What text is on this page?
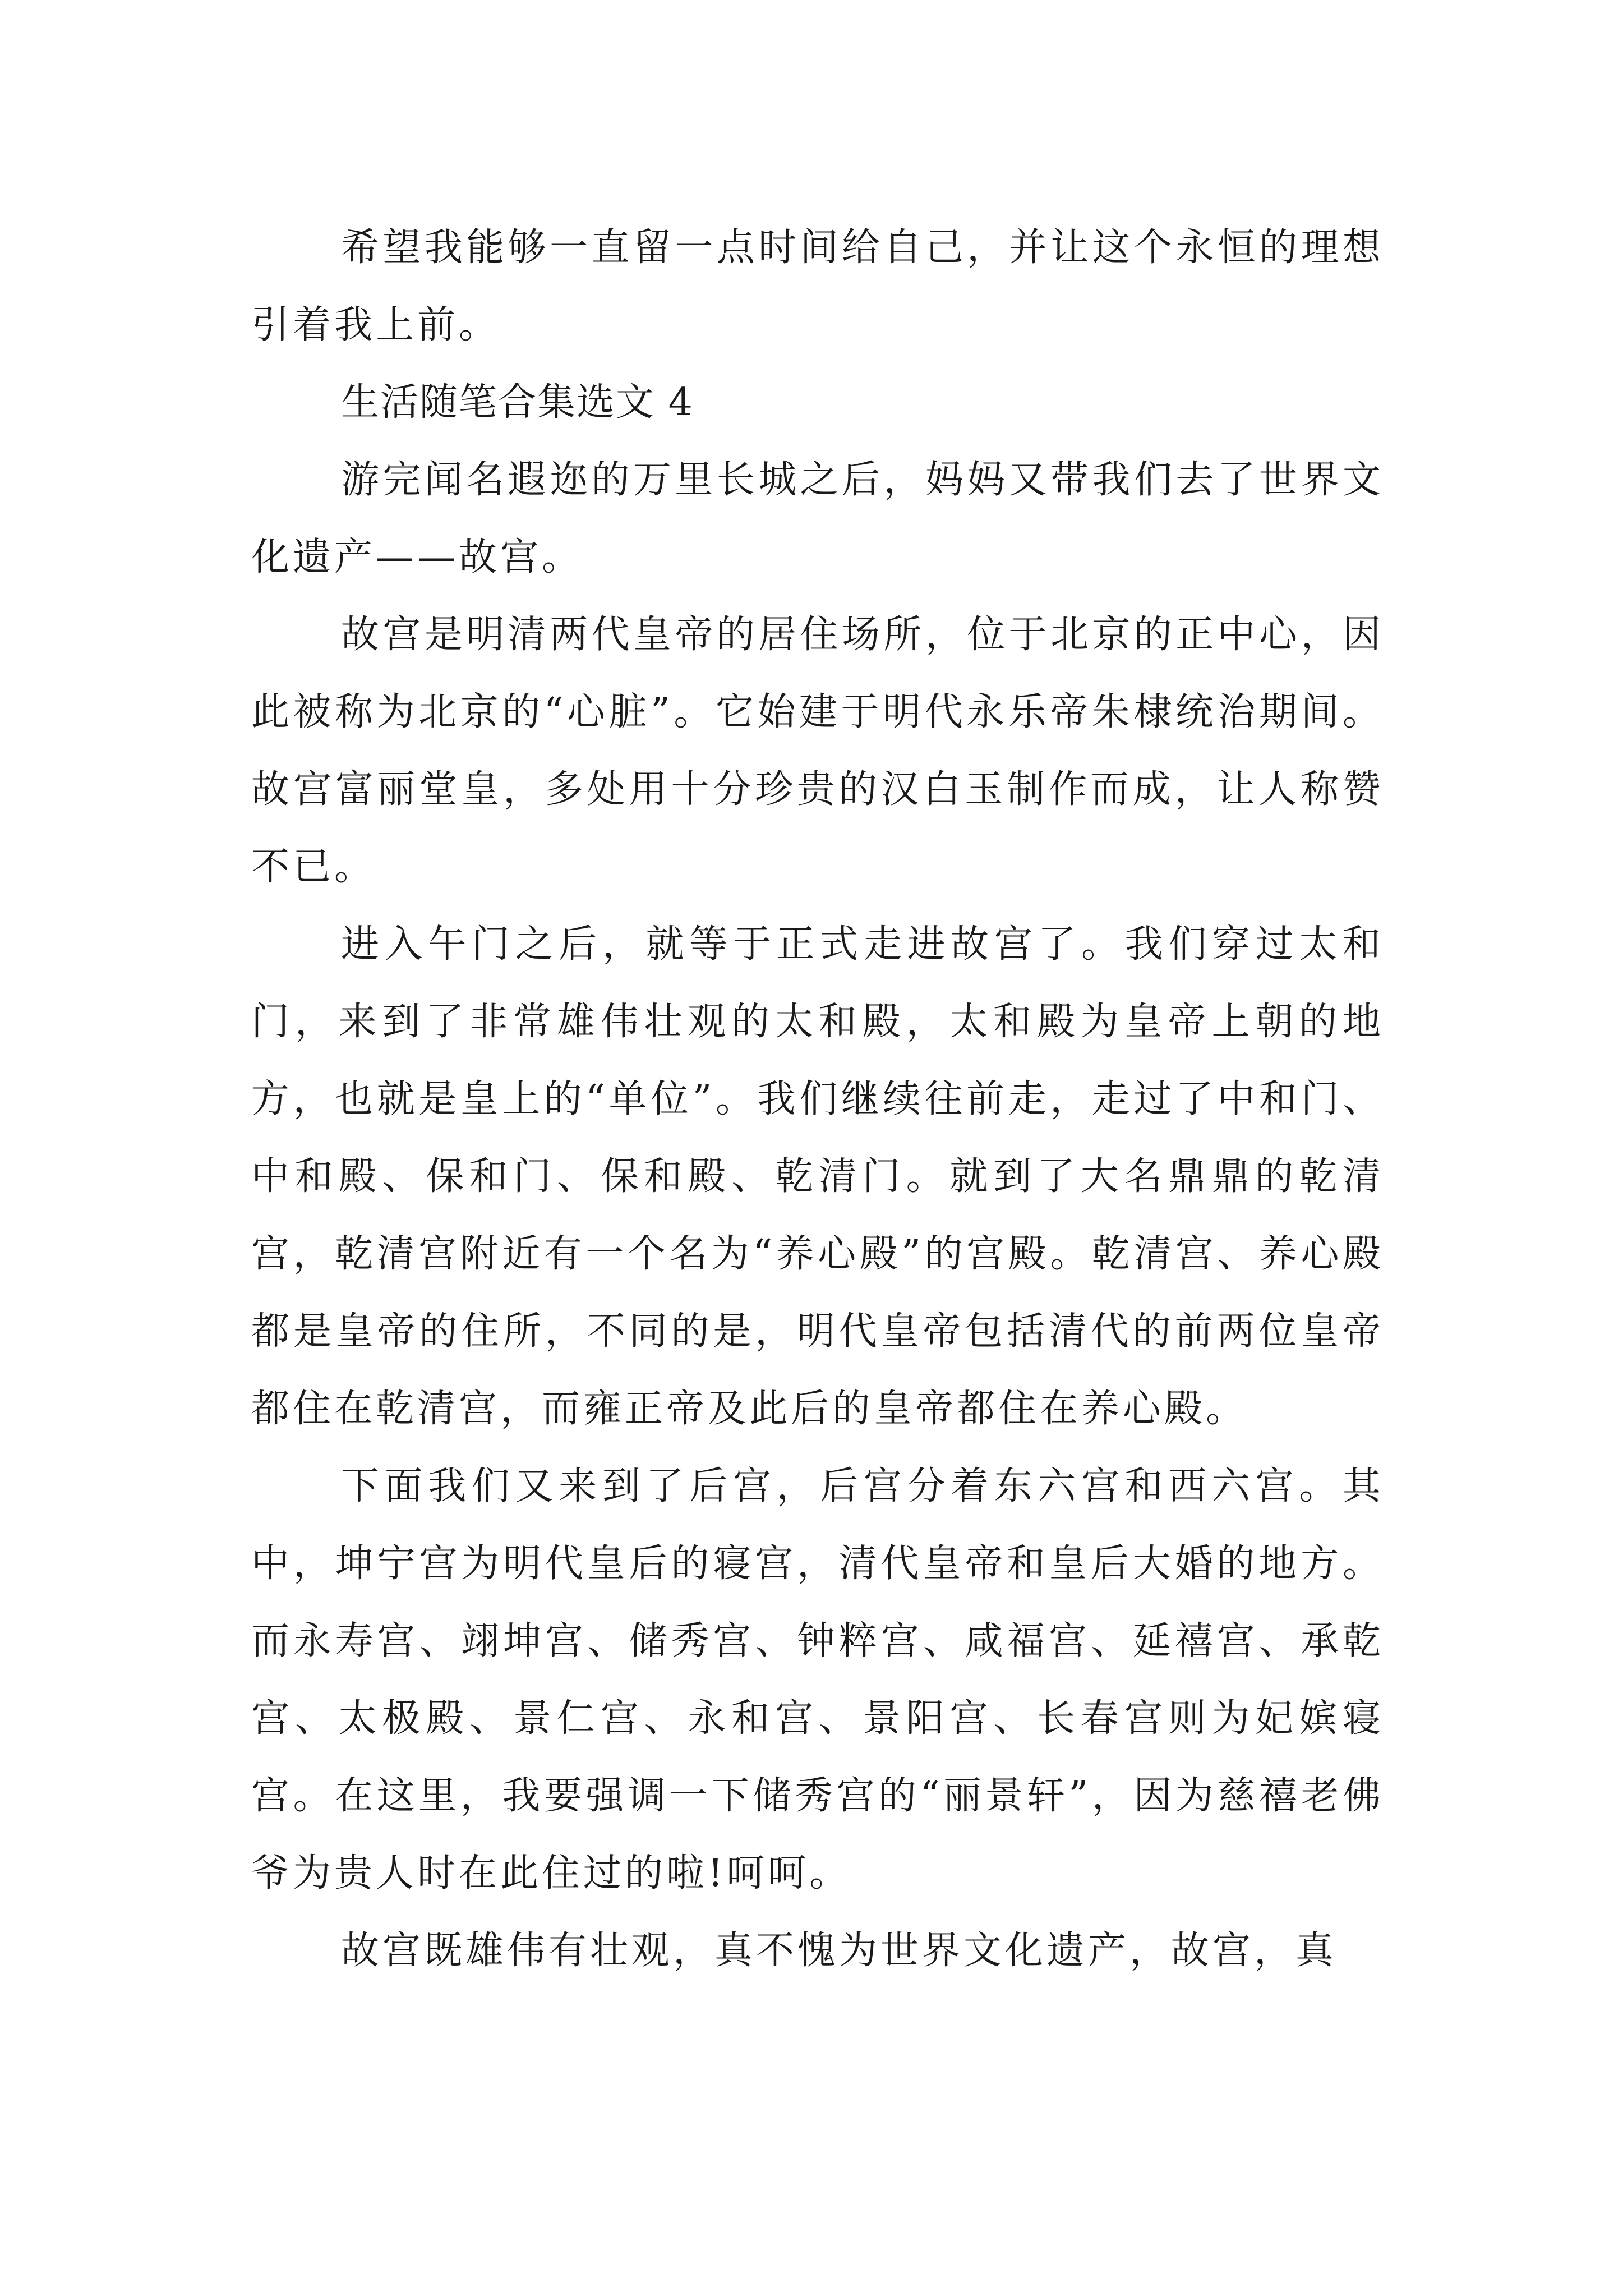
希望我能够一直留一点时间给自己，并让这个永恒的理想引着我上前。

生活随笔合集选文 4

游完闻名遐迩的万里长城之后，妈妈又带我们去了世界文化遗产——故宫。

故宫是明清两代皇帝的居住场所，位于北京的正中心，因此被称为北京的“心脏”。它始建于明代永乐帝朱棣统治期间。故宫富丽堂皇，多处用十分珍贵的汉白玉制作而成，让人称赞不已。

进入午门之后，就等于正式走进故宫了。我们穿过太和门，来到了非常雄伟壮观的太和殿，太和殿为皇帝上朝的地方，也就是皇上的“单位”。我们继续往前走，走过了中和门、中和殿、保和门、保和殿、乾清门。就到了大名鼎鼎的乾清宫，乾清宫附近有一个名为“养心殿”的宫殿。乾清宫、养心殿都是皇帝的住所，不同的是，明代皇帝包括清代的前两位皇帝都住在乾清宫，而雍正帝及此后的皇帝都住在养心殿。

下面我们又来到了后宫，后宫分着东六宫和西六宫。其中，坤宁宫为明代皇后的寝宫，清代皇帝和皇后大婚的地方。而永寿宫、翊坤宫、储秀宫、钟粹宫、咸福宫、延禧宫、承乾宫、太极殿、景仁宫、永和宫、景阳宫、长春宫则为妃嫔寝宫。在这里，我要强调一下储秀宫的“丽景轩”，因为慈禧老佛爷为贵人时在此住过的啦!呵呵。

故宫既雄伟有壮观，真不愧为世界文化遗产，故宫，真
